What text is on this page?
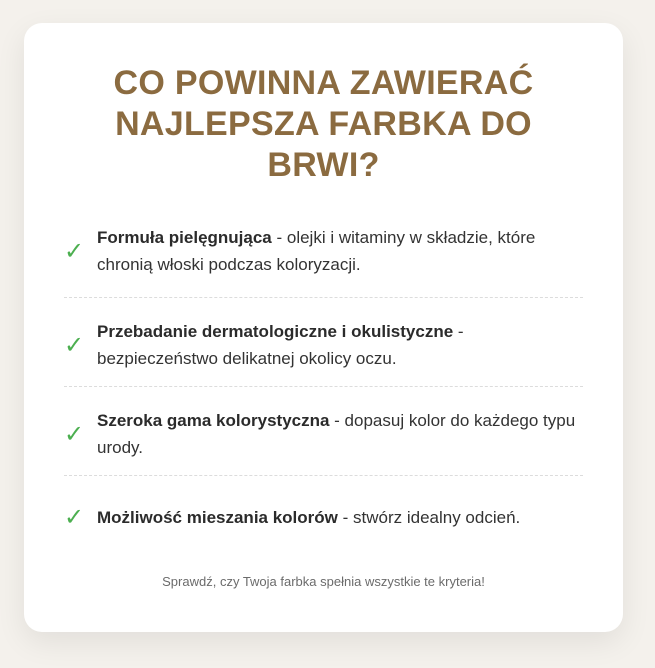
CO POWINNA ZAWIERAĆ NAJLEPSZA FARBKA DO BRWI?
✓ Formuła pielęgnująca - olejki i witaminy w składzie, które chronią włoski podczas koloryzacji.
✓ Przebadanie dermatologiczne i okulistyczne - bezpieczeństwo delikatnej okolicy oczu.
✓ Szeroka gama kolorystyczna - dopasuj kolor do każdego typu urody.
✓ Możliwość mieszania kolorów - stwórz idealny odcień.
Sprawdź, czy Twoja farbka spełnia wszystkie te kryteria!
